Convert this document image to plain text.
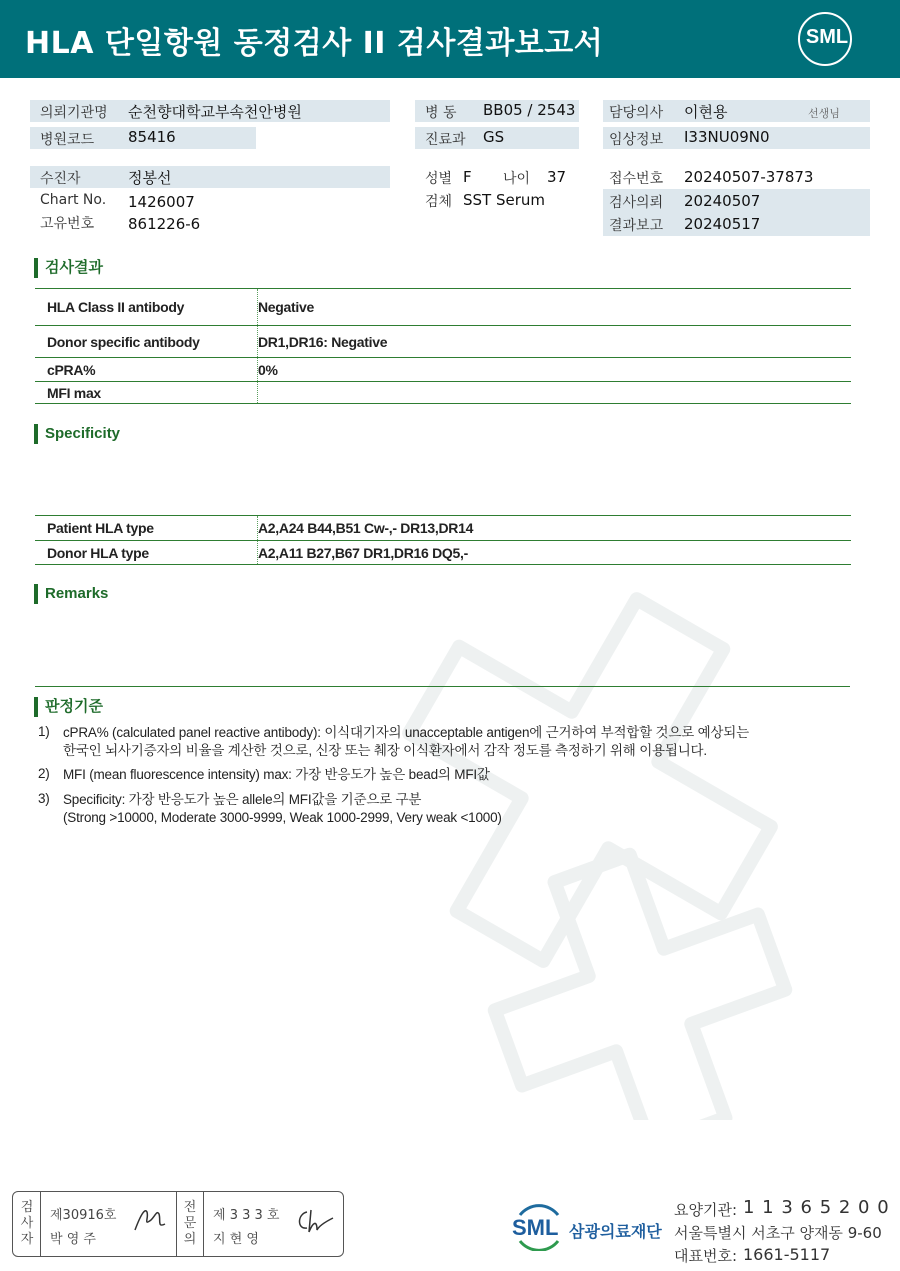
HLA 단일항원 동정검사 II 검사결과보고서	SML
의뢰기관명 순천향대학교부속천안병원
병원코드 85416
병 동 BB05 / 2543
진료과 GS
담당의사 이현용	선생님
임상정보 I33NU09N0
수진자	정봉선
Chart No. 1426007
고유번호 861226-6
성별 F 나이 37
검체 SST Serum
접수번호 20240507-37873
검사의뢰 20240507
결과보고 20240517
검사결과
HLA Class II antibody	Negative
Donor specific antibody	DR1,DR16: Negative
cPRA%	0%
MFI max
Specificity
Patient HLA type	A2,A24 B44,B51 Cw-,- DR13,DR14
Donor HLA type	A2,A11 B27,B67 DR1,DR16 DQ5,-
Remarks
판정기준
1) cPRA% (calculated panel reactive antibody): 이식대기자의 unacceptable antigen에 근거하여 부적합할 것으로 예상되는
한국인 뇌사기증자의 비율을 계산한 것으로, 신장 또는 췌장 이식환자에서 감작 정도를 측정하기 위해 이용됩니다.
2) MFI (mean fluorescence intensity) max: 가장 반응도가 높은 bead의 MFI값
3) Specificity: 가장 반응도가 높은 allele의 MFI값을 기준으로 구분
(Strong >10000, Moderate 3000-9999, Weak 1000-2999, Very weak <1000)
검
사
자
제30916호
박 영 주
전
문
의
제 3 3 3 호
지 현 영	SML 삼광의료재단
요양기관: 1 1 3 6 5 2 0 0
서울특별시 서초구 양재동 9-60
대표번호: 1661-5117
